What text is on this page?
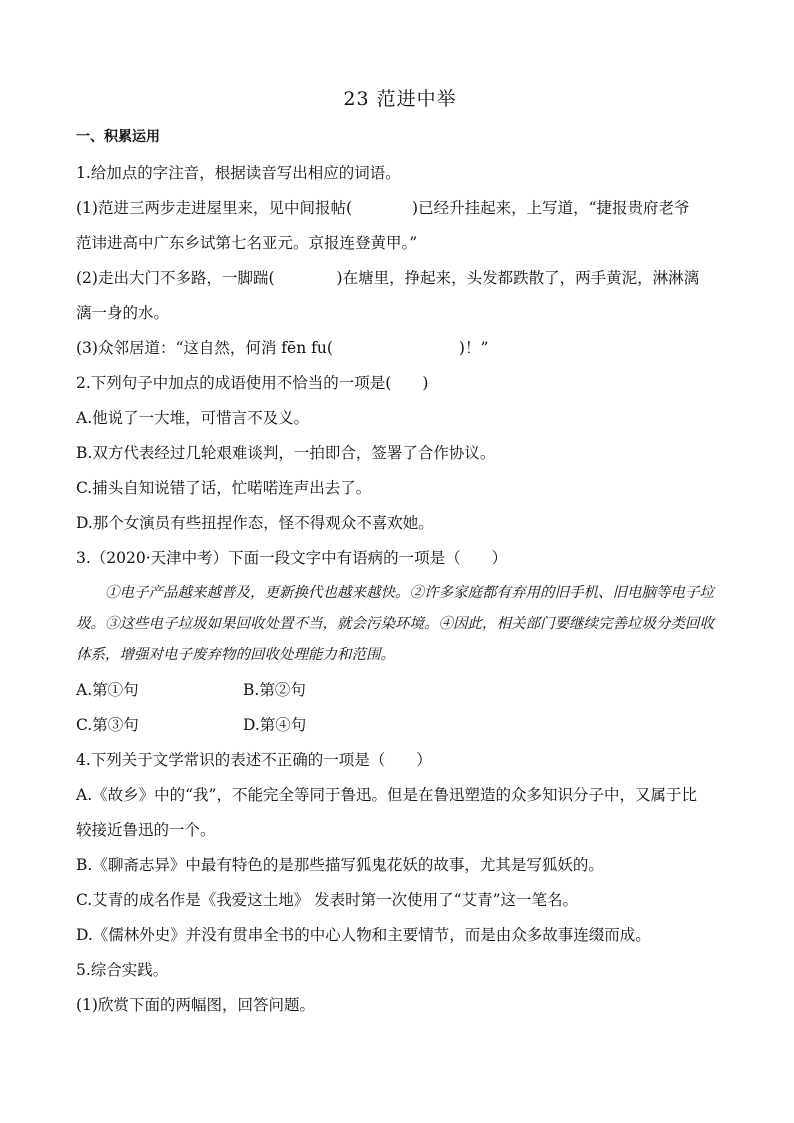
23 范进中举
一、积累运用
1.给加点的字注音，根据读音写出相应的词语。
(1)范进三两步走进屋里来，见中间报帖(	)已经升挂起来，上写道，“捷报贵府老爷
范讳进高中广东乡试第七名亚元。京报连登黄甲。”
(2)走出大门不多路，一脚踹(	)在塘里，挣起来，头发都跌散了，两手黄泥，淋淋漓
漓一身的水。
(3)众邻居道：“这自然，何消 fēn fu(	)！”
2.下列句子中加点的成语使用不恰当的一项是(　　)
A.他说了一大堆，可惜言不及义。
B.双方代表经过几轮艰难谈判，一拍即合，签署了合作协议。
C.捕头自知说错了话，忙喏喏连声出去了。
D.那个女演员有些扭捏作态，怪不得观众不喜欢她。
3.（2020·天津中考）下面一段文字中有语病的一项是（　　）
①电子产品越来越普及，更新换代也越来越快。②许多家庭都有弃用的旧手机、旧电脑等电子垃圾。③这些电子垃圾如果回收处置不当，就会污染环境。④因此，相关部门要继续完善垃圾分类回收体系，增强对电子废弃物的回收处理能力和范围。
A.第①句	B.第②句
C.第③句	D.第④句
4.下列关于文学常识的表述不正确的一项是（　　）
A.《故乡》中的“我”，不能完全等同于鲁迅。但是在鲁迅塑造的众多知识分子中，又属于比
较接近鲁迅的一个。
B.《聊斋志异》中最有特色的是那些描写狐鬼花妖的故事，尤其是写狐妖的。
C.艾青的成名作是《我爱这土地》 发表时第一次使用了“艾青”这一笔名。
D.《儒林外史》并没有贯串全书的中心人物和主要情节，而是由众多故事连缀而成。
5.综合实践。
(1)欣赏下面的两幅图，回答问题。
